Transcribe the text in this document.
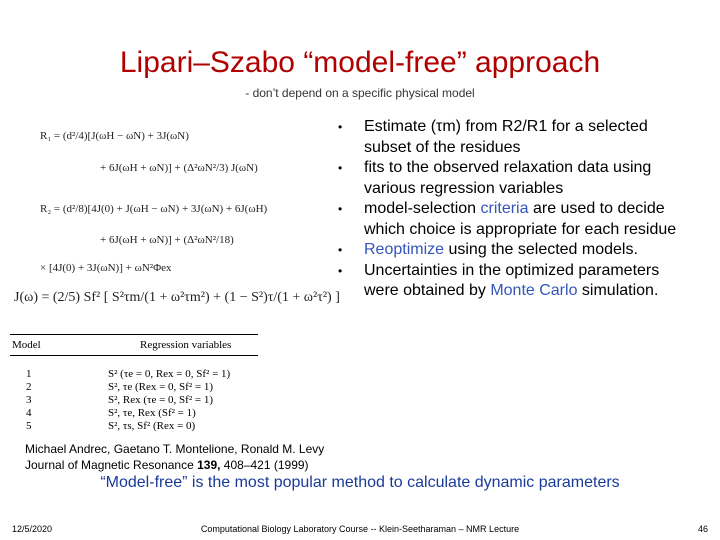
Lipari–Szabo “model-free” approach
- don’t depend on a specific physical model
R₁ = (d²/4)[J(ωH − ωN) + 3J(ωN)
+ 6J(ωH + ωN)] + (Δ²ωN²/3) J(ωN)
R₂ = (d²/8)[4J(0) + J(ωH − ωN) + 3J(ωN) + 6J(ωH)
+ 6J(ωH + ωN)] + (Δ²ωN²/18)
× [4J(0) + 3J(ωN)] + ωN²Φex
J(ω) = (2/5) Sf² [ S²τm/(1 + ω²τm²) + (1 − S²)τ/(1 + ω²τ²) ]
Model	Regression variables
1	S² (τe = 0, Rex = 0, Sf² = 1)
2	S², τe (Rex = 0, Sf² = 1)
3	S², Rex (τe = 0, Sf² = 1)
4	S², τe, Rex (Sf² = 1)
5	S², τs, Sf² (Rex = 0)
• Estimate (τm) from R2/R1 for a selected subset of the residues
• fits to the observed relaxation data using various regression variables
• model-selection criteria are used to decide which choice is appropriate for each residue
• Reoptimize using the selected models.
• Uncertainties in the optimized parameters were obtained by Monte Carlo simulation.
Michael Andrec, Gaetano T. Montelione, Ronald M. Levy
Journal of Magnetic Resonance 139, 408–421 (1999)
“Model-free” is the most popular method to calculate dynamic parameters
12/5/2020	Computational Biology Laboratory Course -- Klein-Seetharaman – NMR Lecture	46
